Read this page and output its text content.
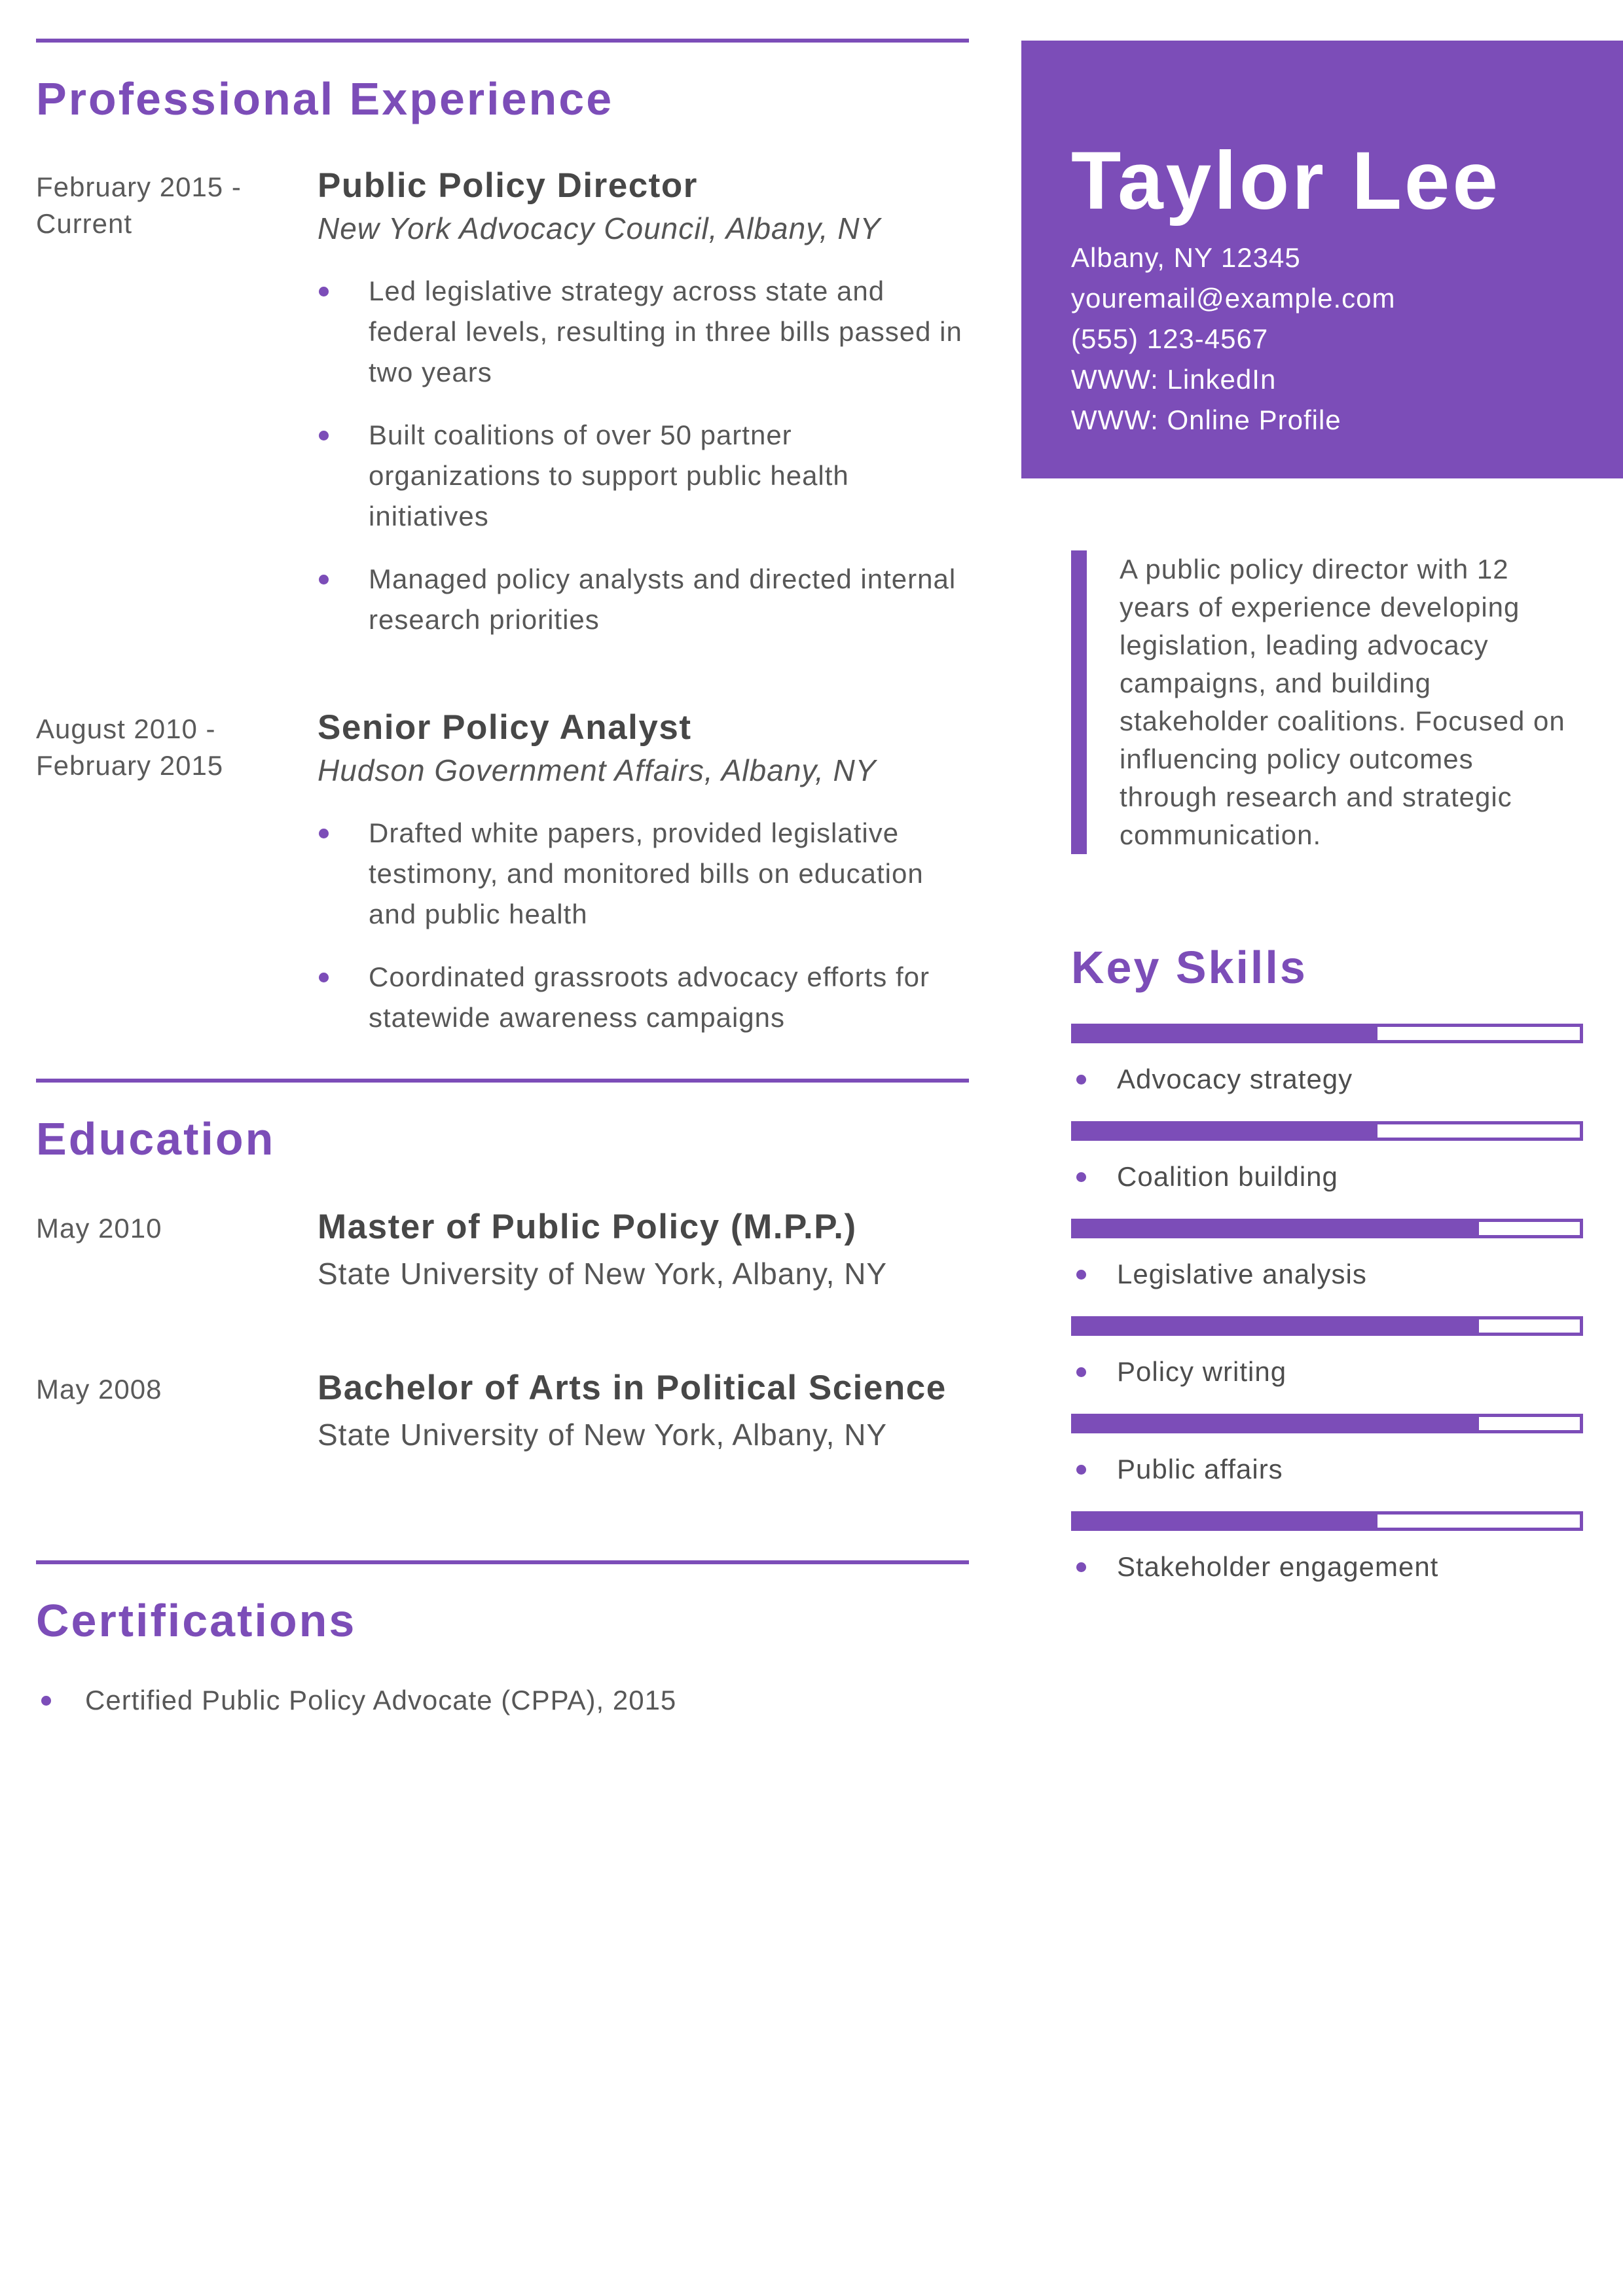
Professional Experience
February 2015 -
Current
Public Policy Director

New York Advocacy Council, Albany, NY

Led legislative strategy across state and federal levels, resulting in three bills passed in two years
Built coalitions of over 50 partner organizations to support public health initiatives
Managed policy analysts and directed internal research priorities
August 2010 -
February 2015
Senior Policy Analyst

Hudson Government Affairs, Albany, NY

Drafted white papers, provided legislative testimony, and monitored bills on education and public health
Coordinated grassroots advocacy efforts for statewide awareness campaigns
Education
May 2010	Master of Public Policy (M.P.P.)

State University of New York, Albany, NY

May 2008	Bachelor of Arts in Political Science

State University of New York, Albany, NY

Certifications
Certified Public Policy Advocate (CPPA), 2015
Taylor Lee
Albany, NY 12345
youremail@example.com
(555) 123-4567
WWW: LinkedIn
WWW: Online Profile
A public policy director with 12 years of experience developing legislation, leading advocacy campaigns, and building stakeholder coalitions. Focused on influencing policy outcomes through research and strategic communication.
Key Skills
Advocacy strategy
Coalition building
Legislative analysis
Policy writing
Public affairs
Stakeholder engagement
